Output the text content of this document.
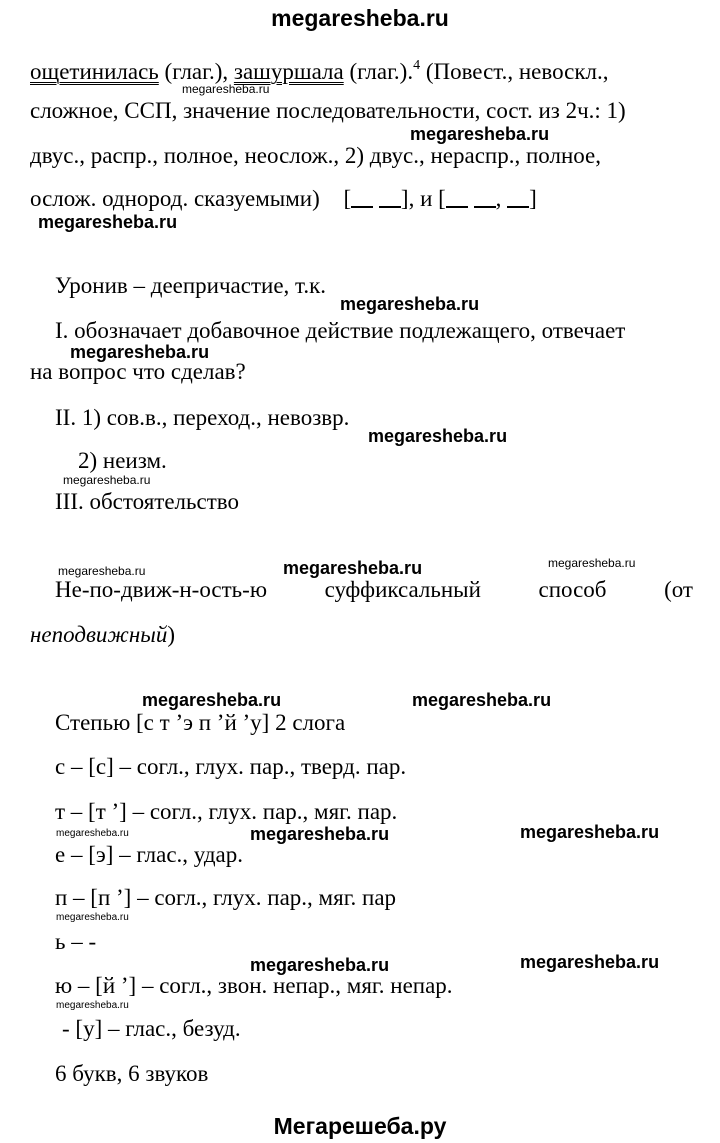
megaresheba.ru
ощетинилась (глаг.), зашуршала (глаг.).$^4$ (Повест., невоскл.,
сложное, ССП, значение последовательности, сост. из 2ч.: 1)
двус., распр., полное, неослож., 2) двус., нераспр., полное,
ослож. однород. сказуемыми) [ ], и [ , ]
Уронив – деепричастие, т.к.
I. обозначает добавочное действие подлежащего, отвечает
на вопрос что сделав?
II. 1) сов.в., переход., невозвр.
2) неизм.
III. обстоятельство
Не-по-движ-н-ость-ю	суффиксальный	способ	(от
неподвижный)
Степью [с т ’э п ’й ’у] 2 слога
с – [с] – согл., глух. пар., тверд. пар.
т – [т ’] – согл., глух. пар., мяг. пар.
е – [э] – глас., удар.
п – [п ’] – согл., глух. пар., мяг. пар
ь – -
ю – [й ’] – согл., звон. непар., мяг. непар.
- [у] – глас., безуд.
6 букв, 6 звуков
megaresheba.ru
megaresheba.ru
megaresheba.ru
megaresheba.ru
megaresheba.ru
megaresheba.ru
megaresheba.ru
megaresheba.ru	megaresheba.ru	megaresheba.ru
megaresheba.ru	megaresheba.ru
megaresheba.ru	megaresheba.ru	megaresheba.ru
megaresheba.ru
megaresheba.ru	megaresheba.ru
megaresheba.ru
Мегарешеба.ру
